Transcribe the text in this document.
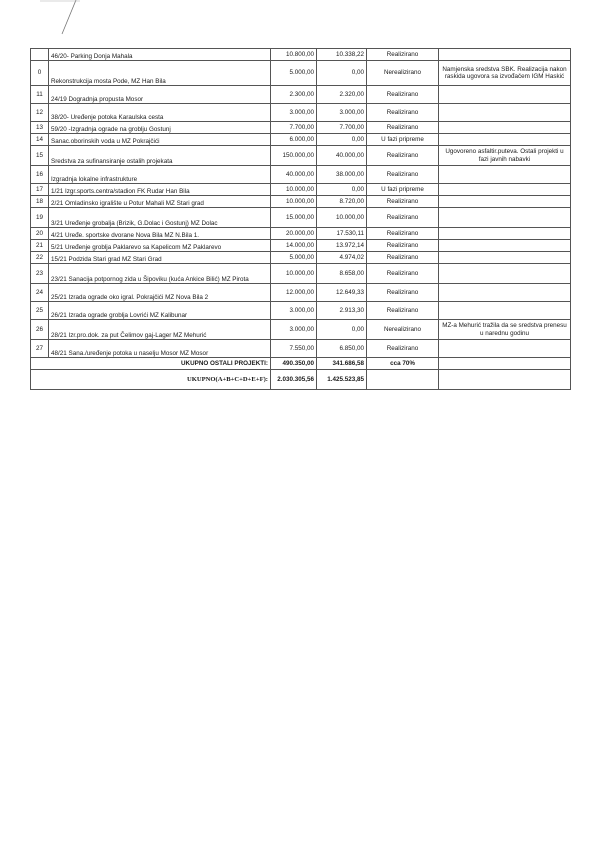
	46/20- Parking Donja Mahala	10.800,00	10.338,22	Realizirano	
0	Rekonstrukcija mosta Pode, MZ Han Bila	5.000,00	0,00	Nerealizirano	Namjenska sredstva SBK. Realizacija nakon raskida ugovora sa izvođačem IGM Haskić
11	24/19 Dogradnja propusta Mosor	2.300,00	2.320,00	Realizirano	
12	38/20- Uređenje potoka Karaulska cesta	3.000,00	3.000,00	Realizirano	
13	59/20 -Izgradnja ograde na groblju Gostunj	7.700,00	7.700,00	Realizirano	
14	Sanac.oborinskih voda u MZ Pokrajčići	6.000,00	0,00	U fazi pripreme	
15	Sredstva za sufinansiranje ostalih projekata	150.000,00	40.000,00	Realizirano	Ugovoreno asfaltir.puteva. Ostali projekti u fazi javnih nabavki
16	Izgradnja lokalne infrastrukture	40.000,00	38.000,00	Realizirano	
17	1/21 Izgr.sports.centra/stadion FK Rudar Han Bila	10.000,00	0,00	U fazi pripreme	
18	2/21 Omladinsko igralište u Potur Mahali MZ Stari grad	10.000,00	8.720,00	Realizirano	
19	3/21 Uređenje grobalja (Brizik, G.Dolac i Gostunj) MZ Dolac	15.000,00	10.000,00	Realizirano	
20	4/21 Uređe. sportske dvorane Nova Bila MZ N.Bila 1.	20.000,00	17.530,11	Realizirano	
21	5/21 Uređenje groblja Paklarevo sa Kapelicom MZ Paklarevo	14.000,00	13.972,14	Realizirano	
22	15/21 Podzida Stari grad MZ Stari Grad	5.000,00	4.974,02	Realizirano	
23	23/21 Sanacija potpornog zida u Šipoviku (kuća Ankice Bilić) MZ Pirota	10.000,00	8.658,00	Realizirano	
24	25/21 Izrada ograde oko igral. Pokrajčići MZ Nova Bila 2	12.000,00	12.649,33	Realizirano	
25	26/21 Izrada ograde groblja Lovrići MZ Kalibunar	3.000,00	2.913,30	Realizirano	
26	28/21 Izr.pro.dok. za put Čelimov gaj-Lager MZ Mehurić	3.000,00	0,00	Nerealizirano	MZ-a Mehurić tražila da se sredstva prenesu u narednu godinu
27	48/21 Sana./uređenje potoka u naselju Mosor MZ Mosor	7.550,00	6.850,00	Realizirano	
UKUPNO OSTALI PROJEKTI:		490.350,00	341.686,58	cca 70%	
UKUPNO(A+B+C+D+E+F):		2.030.305,56	1.425.523,85		
